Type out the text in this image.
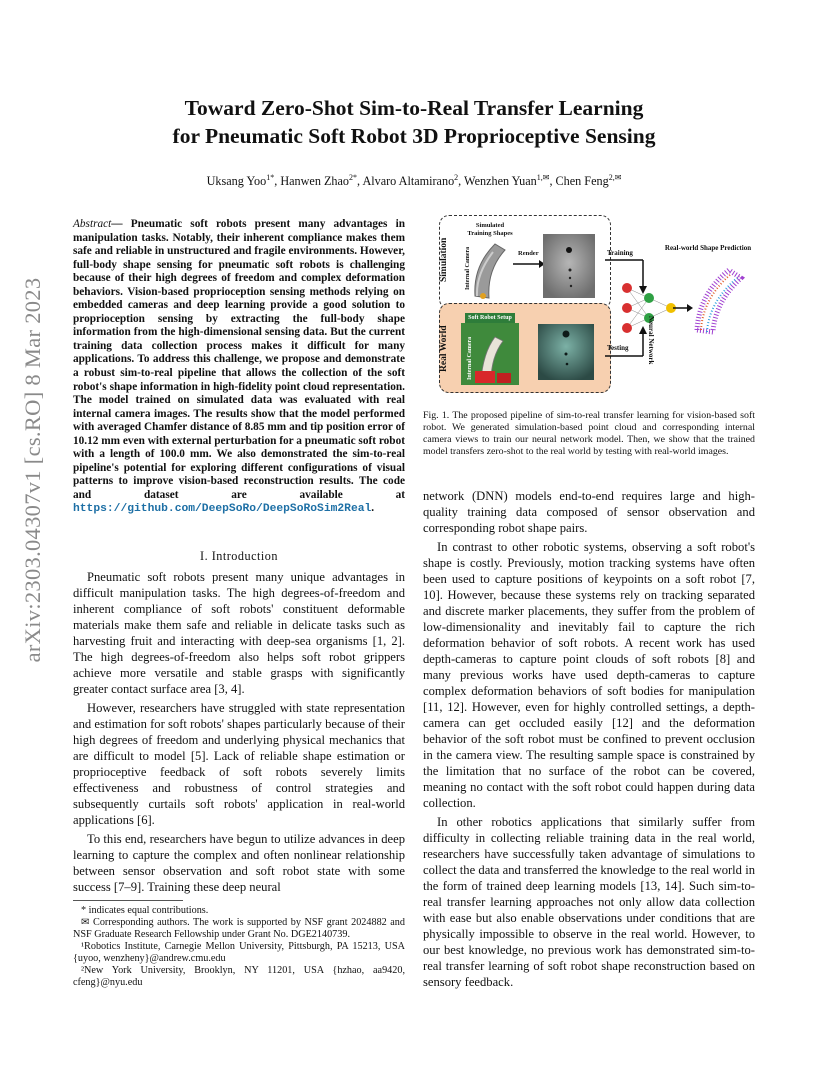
arXiv:2303.04307v1 [cs.RO] 8 Mar 2023
Toward Zero-Shot Sim-to-Real Transfer Learning
for Pneumatic Soft Robot 3D Proprioceptive Sensing
Uksang Yoo$^{1*}$, Hanwen Zhao$^{2*}$, Alvaro Altamirano$^2$, Wenzhen Yuan$^{1,✉}$, Chen Feng$^{2,✉}$
Abstract— Pneumatic soft robots present many advantages in manipulation tasks. Notably, their inherent compliance makes them safe and reliable in unstructured and fragile environments. However, full-body shape sensing for pneumatic soft robots is challenging because of their high degrees of freedom and complex deformation behaviors. Vision-based proprioception sensing methods relying on embedded cameras and deep learning provide a good solution to proprioception sensing by extracting the full-body shape information from the high-dimensional sensing data. But the current training data collection process makes it difficult for many applications. To address this challenge, we propose and demonstrate a robust sim-to-real pipeline that allows the collection of the soft robot's shape information in high-fidelity point cloud representation. The model trained on simulated data was evaluated with real internal camera images. The results show that the model performed with averaged Chamfer distance of 8.85 mm and tip position error of 10.12 mm even with external perturbation for a pneumatic soft robot with a length of 100.0 mm. We also demonstrated the sim-to-real pipeline's potential for exploring different configurations of visual patterns to improve vision-based reconstruction results. The code and dataset are available at https://github.com/DeepSoRo/DeepSoRoSim2Real.
I. Introduction

Pneumatic soft robots present many unique advantages in difficult manipulation tasks. The high degrees-of-freedom and inherent compliance of soft robots' constituent deformable materials make them safe and reliable in delicate tasks such as harvesting fruit and interacting with deep-sea organisms [1, 2]. The high degrees-of-freedom also helps soft robot grippers achieve more versatile and stable grasps with significantly greater contact surface area [3, 4].

However, researchers have struggled with state representation and estimation for soft robots' shapes particularly because of their high degrees of freedom and underlying physical mechanics that are difficult to model [5]. Lack of reliable shape estimation or proprioceptive feedback of soft robots severely limits effectiveness and robustness of control strategies and subsequently curtails soft robots' application in real-world applications [6].

To this end, researchers have begun to utilize advances in deep learning to capture the complex and often nonlinear relationship between sensor observation and soft robot state with some success [7–9]. Training these deep neural

* indicates equal contributions.
✉ Corresponding authors. The work is supported by NSF grant 2024882 and NSF Graduate Research Fellowship under Grant No. DGE2140739.
¹Robotics Institute, Carnegie Mellon University, Pittsburgh, PA 15213, USA {uyoo, wenzheny}@andrew.cmu.edu
²New York University, Brooklyn, NY 11201, USA {hzhao, aa9420, cfeng}@nyu.edu
Simulation
Real World
Simulated Training Shapes
Internal Camera	Render
Soft Robot Setup
Internal Camera
Training
Testing	Neural Network
Real-world Shape Prediction
Fig. 1. The proposed pipeline of sim-to-real transfer learning for vision-based soft robot. We generated simulation-based point cloud and corresponding internal camera views to train our neural network model. Then, we show that the trained model transfers zero-shot to the real world by testing with real-world images.

network (DNN) models end-to-end requires large and high-quality training data composed of sensor observation and corresponding robot shape pairs.

In contrast to other robotic systems, observing a soft robot's shape is costly. Previously, motion tracking systems have often been used to capture positions of keypoints on a soft robot [7, 10]. However, because these systems rely on tracking separated and discrete marker placements, they suffer from the problem of low-dimensionality and inevitably fail to capture the rich deformation behavior of soft robots. A recent work has used depth-cameras to capture point clouds of soft robots [8] and many previous works have used depth-cameras to capture complex deformation behaviors of soft bodies for manipulation [11, 12]. However, even for highly controlled settings, a depth-camera can get occluded easily [12] and the deformation behavior of the soft robot must be confined to prevent occlusion in the camera view. The resulting sample space is constrained by the limitation that no surface of the robot can be covered, meaning no contact with the soft robot could happen during data collection.

In other robotics applications that similarly suffer from difficulty in collecting reliable training data in the real world, researchers have successfully taken advantage of simulations to collect the data and transferred the knowledge to the real world in the form of trained deep learning models [13, 14]. Such sim-to-real transfer learning approaches not only allow data collection with ease but also enable observations under conditions that are physically impossible to observe in the real world. However, to our best knowledge, no previous work has demonstrated sim-to-real transfer learning of soft robot shape reconstruction based on sensory feedback.
